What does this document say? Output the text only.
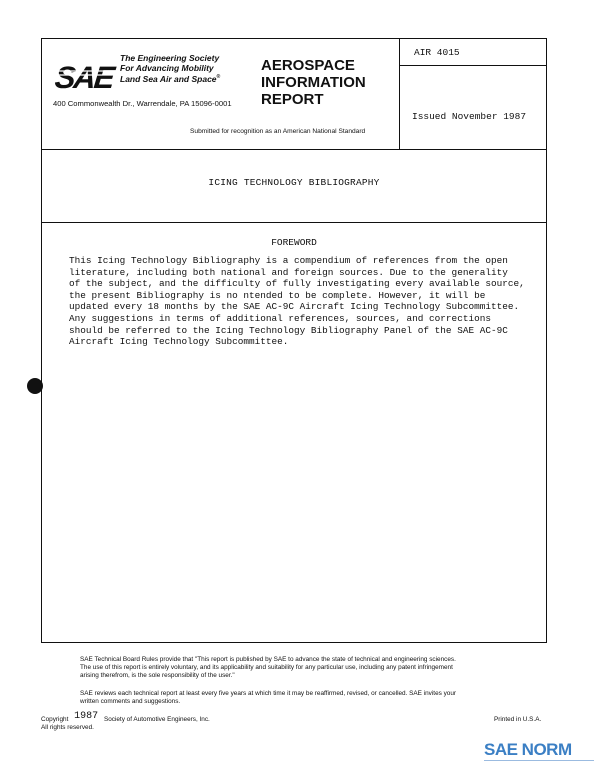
SAE
The Engineering Society
For Advancing Mobility
Land Sea Air and Space®
400 Commonwealth Dr., Warrendale, PA 15096-0001
AEROSPACE
INFORMATION
REPORT
Submitted for recognition as an American National Standard
AIR 4015
Issued November 1987
ICING TECHNOLOGY BIBLIOGRAPHY
FOREWORD
This Icing Technology Bibliography is a compendium of references from the open
literature, including both national and foreign sources. Due to the generality
of the subject, and the difficulty of fully investigating every available source,
the present Bibliography is no ntended to be complete. However, it will be
updated every 18 months by the SAE AC-9C Aircraft Icing Technology Subcommittee.
Any suggestions in terms of additional references, sources, and corrections
should be referred to the Icing Technology Bibliography Panel of the SAE AC-9C
Aircraft Icing Technology Subcommittee.
SAE Technical Board Rules provide that "This report is published by SAE to advance the state of technical and engineering sciences.
The use of this report is entirely voluntary, and its applicability and suitability for any particular use, including any patent infringement
arising therefrom, is the sole responsibility of the user."
SAE reviews each technical report at least every five years at which time it may be reaffirmed, revised, or cancelled. SAE invites your
written comments and suggestions.
Copyright 1987 Society of Automotive Engineers, Inc.
All rights reserved.
Printed in U.S.A.
SAE NORM
